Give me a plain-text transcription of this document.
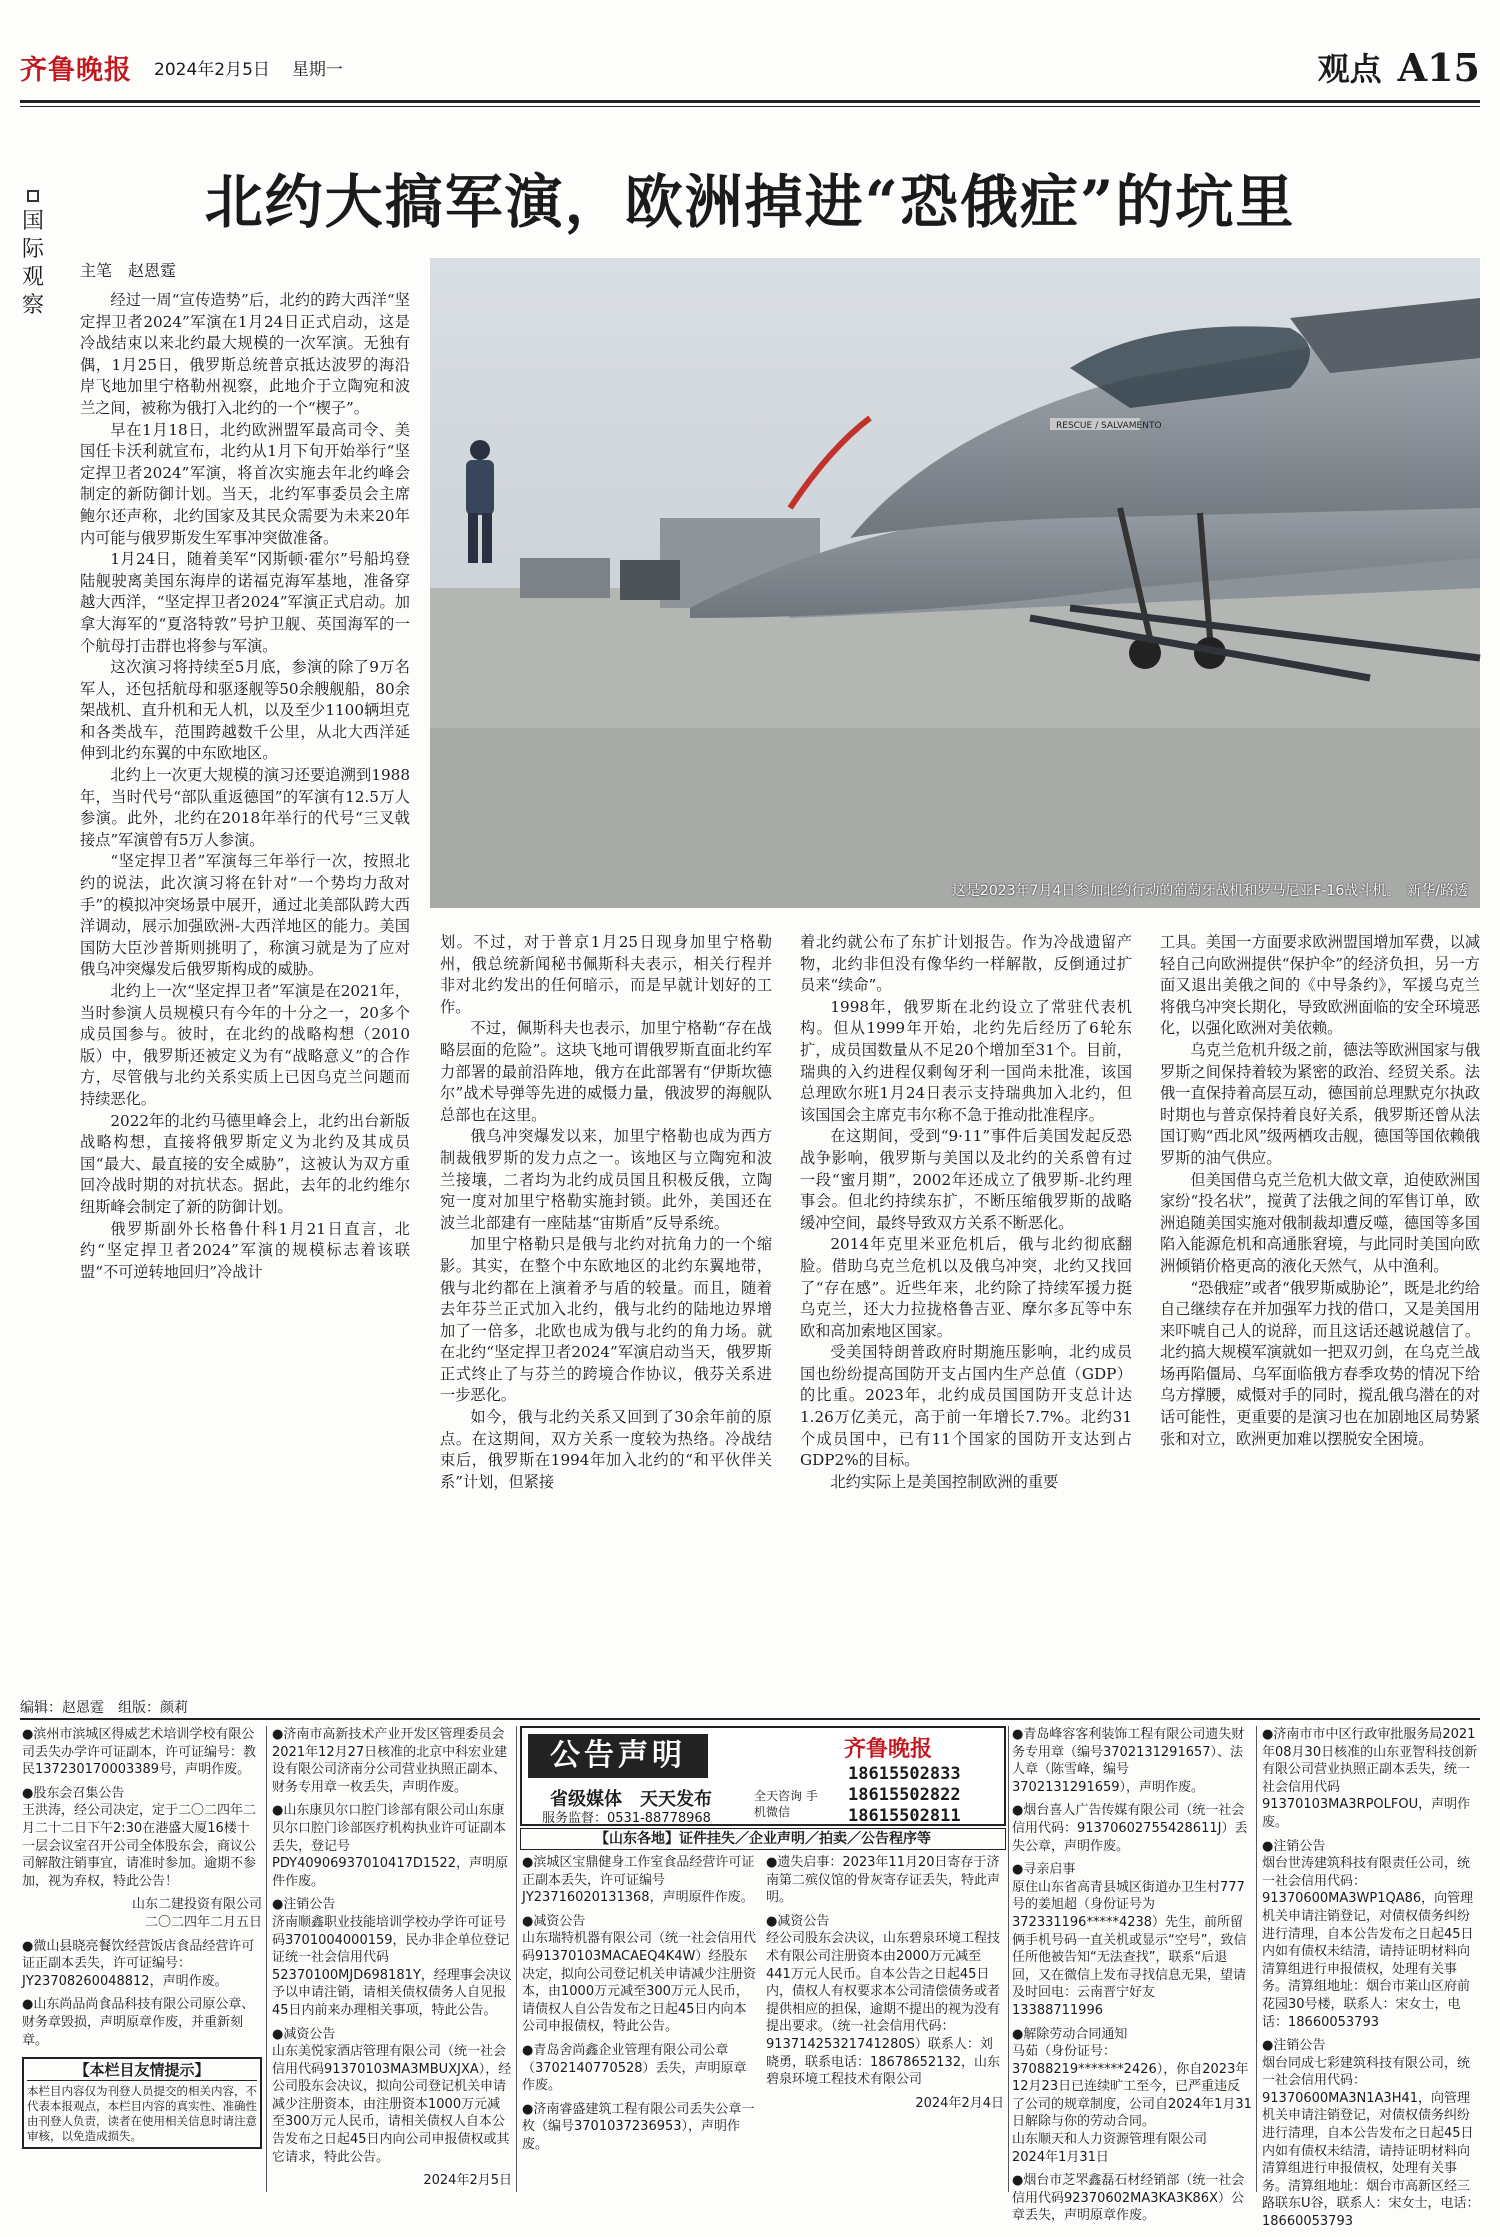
齐鲁晚报 2024年2月5日 星期一	观点 A15
北约大搞军演，欧洲掉进“恐俄症”的坑里
国
际
观
察
主笔　赵恩霆
RESCUE / SALVAMENTO
这是2023年7月4日参加北约行动的葡萄牙战机和罗马尼亚F-16战斗机。　新华/路透

经过一周“宣传造势”后，北约的跨大西洋“坚定捍卫者2024”军演在1月24日正式启动，这是冷战结束以来北约最大规模的一次军演。无独有偶，1月25日，俄罗斯总统普京抵达波罗的海沿岸飞地加里宁格勒州视察，此地介于立陶宛和波兰之间，被称为俄打入北约的一个“楔子”。

早在1月18日，北约欧洲盟军最高司令、美国任卡沃利就宣布，北约从1月下旬开始举行“坚定捍卫者2024”军演，将首次实施去年北约峰会制定的新防御计划。当天，北约军事委员会主席鲍尔还声称，北约国家及其民众需要为未来20年内可能与俄罗斯发生军事冲突做准备。

1月24日，随着美军“冈斯顿·霍尔”号船坞登陆舰驶离美国东海岸的诺福克海军基地，准备穿越大西洋，“坚定捍卫者2024”军演正式启动。加拿大海军的“夏洛特敦”号护卫舰、英国海军的一个航母打击群也将参与军演。

这次演习将持续至5月底，参演的除了9万名军人，还包括航母和驱逐舰等50余艘舰船，80余架战机、直升机和无人机，以及至少1100辆坦克和各类战车，范围跨越数千公里，从北大西洋延伸到北约东翼的中东欧地区。

北约上一次更大规模的演习还要追溯到1988年，当时代号“部队重返德国”的军演有12.5万人参演。此外，北约在2018年举行的代号“三叉戟接点”军演曾有5万人参演。

“坚定捍卫者”军演每三年举行一次，按照北约的说法，此次演习将在针对“一个势均力敌对手”的模拟冲突场景中展开，通过北美部队跨大西洋调动，展示加强欧洲-大西洋地区的能力。美国国防大臣沙普斯则挑明了，称演习就是为了应对俄乌冲突爆发后俄罗斯构成的威胁。

北约上一次“坚定捍卫者”军演是在2021年，当时参演人员规模只有今年的十分之一，20多个成员国参与。彼时，在北约的战略构想（2010版）中，俄罗斯还被定义为有“战略意义”的合作方，尽管俄与北约关系实质上已因乌克兰问题而持续恶化。

2022年的北约马德里峰会上，北约出台新版战略构想，直接将俄罗斯定义为北约及其成员国“最大、最直接的安全威胁”，这被认为双方重回冷战时期的对抗状态。据此，去年的北约维尔纽斯峰会制定了新的防御计划。

俄罗斯副外长格鲁什科1月21日直言，北约“坚定捍卫者2024”军演的规模标志着该联盟“不可逆转地回归”冷战计

划。不过，对于普京1月25日现身加里宁格勒州，俄总统新闻秘书佩斯科夫表示，相关行程并非对北约发出的任何暗示，而是早就计划好的工作。

不过，佩斯科夫也表示，加里宁格勒“存在战略层面的危险”。这块飞地可谓俄罗斯直面北约军力部署的最前沿阵地，俄方在此部署有“伊斯坎德尔”战术导弹等先进的威慑力量，俄波罗的海舰队总部也在这里。

俄乌冲突爆发以来，加里宁格勒也成为西方制裁俄罗斯的发力点之一。该地区与立陶宛和波兰接壤，二者均为北约成员国且积极反俄，立陶宛一度对加里宁格勒实施封锁。此外，美国还在波兰北部建有一座陆基“宙斯盾”反导系统。

加里宁格勒只是俄与北约对抗角力的一个缩影。其实，在整个中东欧地区的北约东翼地带，俄与北约都在上演着矛与盾的较量。而且，随着去年芬兰正式加入北约，俄与北约的陆地边界增加了一倍多，北欧也成为俄与北约的角力场。就在北约“坚定捍卫者2024”军演启动当天，俄罗斯正式终止了与芬兰的跨境合作协议，俄芬关系进一步恶化。

如今，俄与北约关系又回到了30余年前的原点。在这期间，双方关系一度较为热络。冷战结束后，俄罗斯在1994年加入北约的“和平伙伴关系”计划，但紧接

着北约就公布了东扩计划报告。作为冷战遗留产物，北约非但没有像华约一样解散，反倒通过扩员来“续命”。

1998年，俄罗斯在北约设立了常驻代表机构。但从1999年开始，北约先后经历了6轮东扩，成员国数量从不足20个增加至31个。目前，瑞典的入约进程仅剩匈牙利一国尚未批准，该国总理欧尔班1月24日表示支持瑞典加入北约，但该国国会主席克韦尔称不急于推动批准程序。

在这期间，受到“9·11”事件后美国发起反恐战争影响，俄罗斯与美国以及北约的关系曾有过一段“蜜月期”，2002年还成立了俄罗斯-北约理事会。但北约持续东扩，不断压缩俄罗斯的战略缓冲空间，最终导致双方关系不断恶化。

2014年克里米亚危机后，俄与北约彻底翻脸。借助乌克兰危机以及俄乌冲突，北约又找回了“存在感”。近些年来，北约除了持续军援力挺乌克兰，还大力拉拢格鲁吉亚、摩尔多瓦等中东欧和高加索地区国家。

受美国特朗普政府时期施压影响，北约成员国也纷纷提高国防开支占国内生产总值（GDP）的比重。2023年，北约成员国国防开支总计达1.26万亿美元，高于前一年增长7.7%。北约31个成员国中，已有11个国家的国防开支达到占GDP2%的目标。

北约实际上是美国控制欧洲的重要

工具。美国一方面要求欧洲盟国增加军费，以减轻自己向欧洲提供“保护伞”的经济负担，另一方面又退出美俄之间的《中导条约》，军援乌克兰将俄乌冲突长期化，导致欧洲面临的安全环境恶化，以强化欧洲对美依赖。

乌克兰危机升级之前，德法等欧洲国家与俄罗斯之间保持着较为紧密的政治、经贸关系。法俄一直保持着高层互动，德国前总理默克尔执政时期也与普京保持着良好关系，俄罗斯还曾从法国订购“西北风”级两栖攻击舰，德国等国依赖俄罗斯的油气供应。

但美国借乌克兰危机大做文章，迫使欧洲国家纷“投名状”，搅黄了法俄之间的军售订单，欧洲追随美国实施对俄制裁却遭反噬，德国等多国陷入能源危机和高通胀窘境，与此同时美国向欧洲倾销价格更高的液化天然气，从中渔利。

“恐俄症”或者“俄罗斯威胁论”，既是北约给自己继续存在并加强军力找的借口，又是美国用来吓唬自己人的说辞，而且这话还越说越信了。北约搞大规模军演就如一把双刃剑，在乌克兰战场再陷僵局、乌军面临俄方春季攻势的情况下给乌方撑腰，威慑对手的同时，搅乱俄乌潜在的对话可能性，更重要的是演习也在加剧地区局势紧张和对立，欧洲更加难以摆脱安全困境。

编辑：赵恩霆　组版：颜莉
●滨州市滨城区得威艺术培训学校有限公司丢失办学许可证副本，许可证编号：教民137230170003389号，声明作废。
●股东会召集公告
王洪涛，经公司决定，定于二〇二四年二月二十二日下午2:30在港盛大厦16楼十一层会议室召开公司全体股东会，商议公司解散注销事宜，请准时参加。逾期不参加，视为弃权，特此公告！
山东二建投资有限公司
二〇二四年二月五日
●微山县晓亮餐饮经营饭店食品经营许可证正副本丢失，许可证编号：JY23708260048812，声明作废。
●山东尚品尚食品科技有限公司原公章、财务章毁损，声明原章作废，并重新刻章。
【本栏目友情提示】
本栏目内容仅为刊登人员提交的相关内容，不代表本报观点，本栏目内容的真实性、准确性由刊登人负责，读者在使用相关信息时请注意审核，以免造成损失。
●济南市高新技术产业开发区管理委员会2021年12月27日核准的北京中科宏业建设有限公司济南分公司营业执照正副本、财务专用章一枚丢失，声明作废。
●山东康贝尔口腔门诊部有限公司山东康贝尔口腔门诊部医疗机构执业许可证副本丢失，登记号PDY40906937010417D1522，声明原件作废。
●注销公告
济南顺鑫职业技能培训学校办学许可证号码3701004000159，民办非企单位登记证统一社会信用代码52370100MJD698181Y，经理事会决议予以申请注销，请相关债权债务人自见报45日内前来办理相关事项，特此公告。
●减资公告
山东美悦家酒店管理有限公司（统一社会信用代码91370103MA3MBUXJXA），经公司股东会决议，拟向公司登记机关申请减少注册资本，由注册资本1000万元减至300万元人民币，请相关债权人自本公告发布之日起45日内向公司申报债权或其它请求，特此公告。
2024年2月5日
公告声明
省级媒体　天天发布
服务监督：0531-88778968
全天咨询 手机微信
齐鲁晚报
18615502833
18615502822
18615502811
【山东各地】证件挂失／企业声明／拍卖／公告程序等
●滨城区宝鼎健身工作室食品经营许可证正副本丢失，许可证编号JY23716020131368，声明原件作废。
●减资公告
山东瑞特机器有限公司（统一社会信用代码91370103MACAEQ4K4W）经股东决定，拟向公司登记机关申请减少注册资本，由1000万元减至300万元人民币，请债权人自公告发布之日起45日内向本公司申报债权，特此公告。
●青岛舍尚鑫企业管理有限公司公章（3702140770528）丢失，声明原章作废。
●济南睿盛建筑工程有限公司丢失公章一枚（编号3701037236953），声明作废。
●遗失启事：2023年11月20日寄存于济南第二殡仪馆的骨灰寄存证丢失，特此声明。
●减资公告
经公司股东会决议，山东碧泉环境工程技术有限公司注册资本由2000万元减至441万元人民币。自本公告之日起45日内，债权人有权要求本公司清偿债务或者提供相应的担保，逾期不提出的视为没有提出要求。（统一社会信用代码：91371425321741280S）联系人：刘晓勇，联系电话：18678652132，山东碧泉环境工程技术有限公司
2024年2月4日
●青岛峰容客利装饰工程有限公司遗失财务专用章（编号3702131291657）、法人章（陈雪峰，编号3702131291659），声明作废。
●烟台喜人广告传媒有限公司（统一社会信用代码：91370602755428611J）丢失公章，声明作废。
●寻亲启事
原住山东省高青县城区街道办卫生村777号的姜旭超（身份证号为372331196*****4238）先生，前所留俩手机号码一直关机或显示“空号”，致信任所他被告知“无法查找”，联系“后退回，又在微信上发布寻找信息无果，望请及时回电：云南晋宁好友　13388711996
●解除劳动合同通知
马茹（身份证号：37088219*******2426），你自2023年12月23日已连续旷工至今，已严重违反了公司的规章制度，公司自2024年1月31日解除与你的劳动合同。
山东顺天和人力资源管理有限公司
2024年1月31日
●烟台市芝罘鑫磊石材经销部（统一社会信用代码92370602MA3KA3K86X）公章丢失，声明原章作废。
●济南市市中区行政审批服务局2021年08月30日核准的山东亚智科技创新有限公司营业执照正副本丢失，统一社会信用代码91370103MA3RPOLFOU，声明作废。
●注销公告
烟台世涛建筑科技有限责任公司，统一社会信用代码：91370600MA3WP1QA86，向管理机关申请注销登记，对债权债务纠纷进行清理，自本公告发布之日起45日内如有债权未结清，请持证明材料向清算组进行申报债权，处理有关事务。清算组地址：烟台市莱山区府前花园30号楼，联系人：宋女士，电话：18660053793
●注销公告
烟台同成七彩建筑科技有限公司，统一社会信用代码：91370600MA3N1A3H41，向管理机关申请注销登记，对债权债务纠纷进行清理，自本公告发布之日起45日内如有债权未结清，请持证明材料向清算组进行申报债权，处理有关事务。清算组地址：烟台市高新区经三路联东U谷，联系人：宋女士，电话：18660053793
